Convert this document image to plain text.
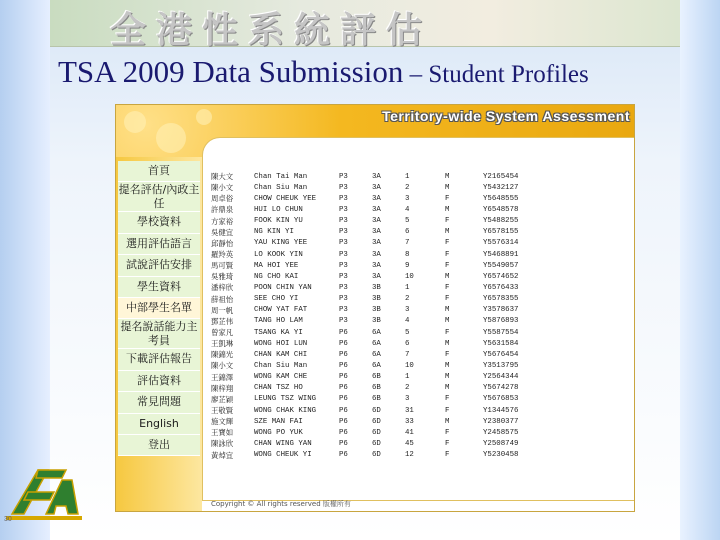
全港性系統評估
TSA 2009 Data Submission – Student Profiles
Territory-wide System Assessment
首頁
提名評估/內政主任
學校資料
選用評估語言
試說評估安排
學生資料
中部學生名單
提名說話能力主考員
下載評估報告
評估資料
常見問題
English
登出
陳大文	Chan Tai Man	P3	3A	1	M	Y2165454
陳小文	Chan Siu Man	P3	3A	2	M	Y5432127
周卓俗	CHOW CHEUK YEE	P3	3A	3	F	Y5648555
許鼎泉	HUI LO CHUN	P3	3A	4	M	Y6548578
方家裕	FOOK KIN YU	P3	3A	5	F	Y5488255
吳健宜	NG KIN YI	P3	3A	6	M	Y6578155
邱靜怡	YAU KING YEE	P3	3A	7	F	Y5576314
羅羚英	LO KOOK YIN	P3	3A	8	F	Y5468891
馬可賢	MA HOI YEE	P3	3A	9	F	Y5549057
吳雅琦	NG CHO KAI	P3	3A	10	M	Y6574652
潘梓欣	POON CHIN YAN	P3	3B	1	F	Y6576433
薛祖怡	SEE CHO YI	P3	3B	2	F	Y6578355
周一帆	CHOW YAT FAT	P3	3B	3	M	Y3578637
鄧芷伟	TANG HO LAM	P3	3B	4	M	Y5876893
曾家凡	TSANG KA YI	P6	6A	5	F	Y5587554
王凱琳	WONG HOI LUN	P6	6A	6	M	Y5631584
陳錦光	CHAN KAM CHI	P6	6A	7	F	Y5676454
陳小文	Chan Siu Man	P6	6A	10	M	Y3513795
王錦澤	WONG KAM CHE	P6	6B	1	M	Y2564344
陳梓翔	CHAN TSZ HO	P6	6B	2	M	Y5674278
廖芷穎	LEUNG TSZ WING	P6	6B	3	F	Y5676853
王敬賢	WONG CHAK KING	P6	6D	31	F	Y1344576
施文輝	SZE MAN FAI	P6	6D	33	M	Y2380377
王寶如	WONG PO YUK	P6	6D	41	F	Y2458575
陳詠欣	CHAN WING YAN	P6	6D	45	F	Y2508749
黃焯宜	WONG CHEUK YI	P6	6D	12	F	Y5230458
Copyright © All rights reserved 版權所有
30
